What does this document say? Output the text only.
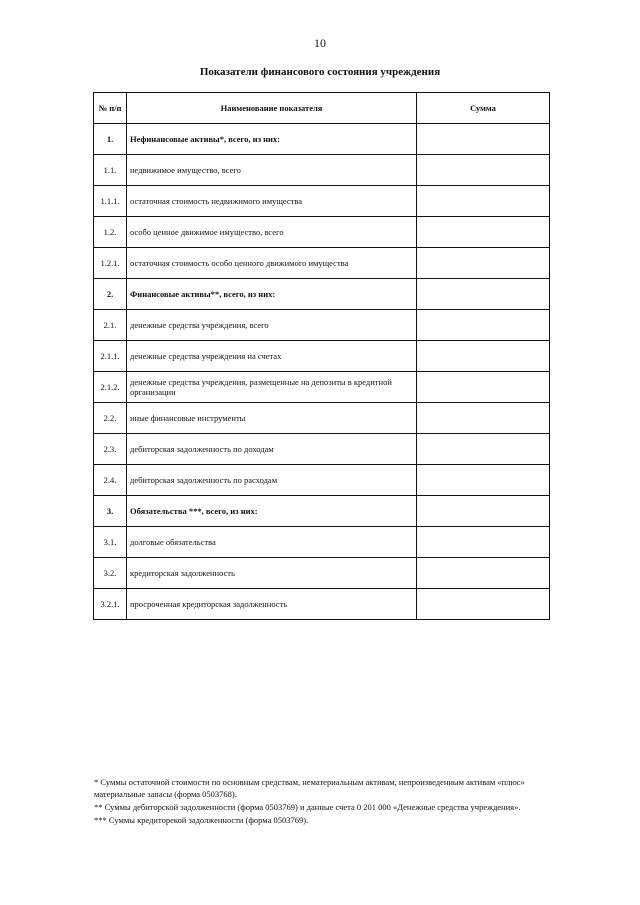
10
Показатели финансового состояния учреждения
№ п/п	Наименование показателя	Сумма
1.	Нефинансовые активы*, всего, из них:	
1.1.	недвижимое имущество, всего	
1.1.1.	остаточная стоимость недвижимого имущества	
1.2.	особо ценное движимое имущество, всего	
1.2.1.	остаточная стоимость особо ценного движимого имущества	
2.	Финансовые активы**, всего, из них:	
2.1.	денежные средства учреждения, всего	
2.1.1.	денежные средства учреждения на счетах	
2.1.2.	денежные средства учреждения, размещенные на депозиты в кредитной организации	
2.2.	иные финансовые инструменты	
2.3.	дебиторская задолженность по доходам	
2.4.	дебиторская задолженность по расходам	
3.	Обязательства ***, всего, из них:	
3.1.	долговые обязательства	
3.2.	кредиторская задолженность	
3.2.1.	просроченная кредиторская задолженность	

* Суммы остаточной стоимости по основным средствам, нематериальным активам, непроизведенным активам «плюс» материальные запасы (форма 0503768).

** Суммы дебиторской задолженности (форма 0503769) и данные счета 0 201 000 «Денежные средства учреждения».

*** Суммы кредиторекой задолженности (форма 0503769).
